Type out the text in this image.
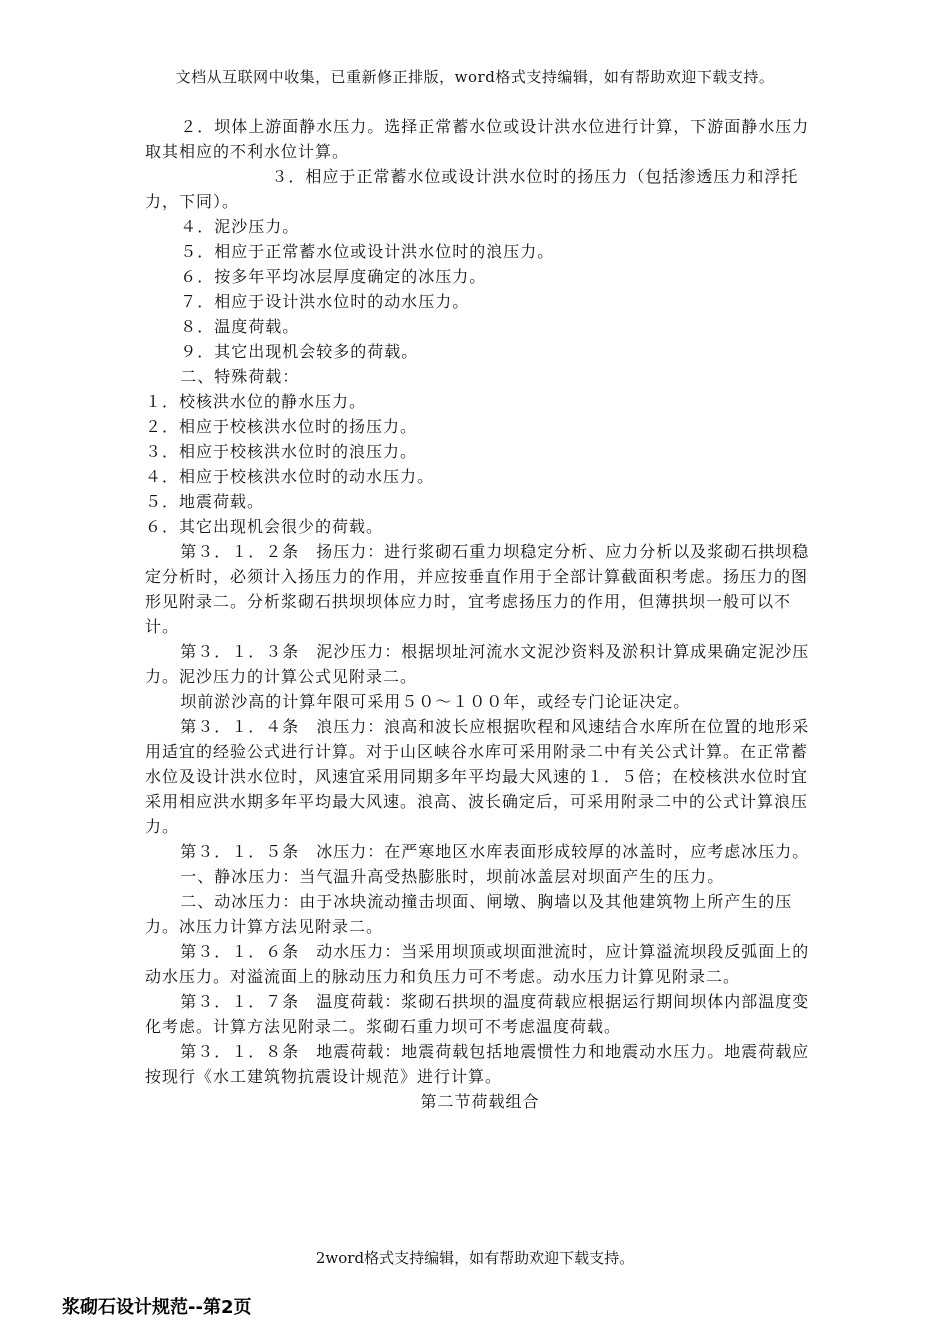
文档从互联网中收集，已重新修正排版，word格式支持编辑，如有帮助欢迎下载支持。

２．坝体上游面静水压力。选择正常蓄水位或设计洪水位进行计算，下游面静水压力取其相应的不利水位计算。

３．相应于正常蓄水位或设计洪水位时的扬压力（包括渗透压力和浮托力，下同）。

４．泥沙压力。

５．相应于正常蓄水位或设计洪水位时的浪压力。

６．按多年平均冰层厚度确定的冰压力。

７．相应于设计洪水位时的动水压力。

８．温度荷载。

９．其它出现机会较多的荷载。

二、特殊荷载：

１．校核洪水位的静水压力。

２．相应于校核洪水位时的扬压力。

３．相应于校核洪水位时的浪压力。

４．相应于校核洪水位时的动水压力。

５．地震荷载。

６．其它出现机会很少的荷载。

第３．１．２条　扬压力：进行浆砌石重力坝稳定分析、应力分析以及浆砌石拱坝稳定分析时，必须计入扬压力的作用，并应按垂直作用于全部计算截面积考虑。扬压力的图形见附录二。分析浆砌石拱坝坝体应力时，宜考虑扬压力的作用，但薄拱坝一般可以不计。

第３．１．３条　泥沙压力：根据坝址河流水文泥沙资料及淤积计算成果确定泥沙压力。泥沙压力的计算公式见附录二。

坝前淤沙高的计算年限可采用５０～１００年，或经专门论证决定。

第３．１．４条　浪压力：浪高和波长应根据吹程和风速结合水库所在位置的地形采用适宜的经验公式进行计算。对于山区峡谷水库可采用附录二中有关公式计算。在正常蓄水位及设计洪水位时，风速宜采用同期多年平均最大风速的１．５倍；在校核洪水位时宜采用相应洪水期多年平均最大风速。浪高、波长确定后，可采用附录二中的公式计算浪压力。

第３．１．５条　冰压力：在严寒地区水库表面形成较厚的冰盖时，应考虑冰压力。

一、静冰压力：当气温升高受热膨胀时，坝前冰盖层对坝面产生的压力。

二、动冰压力：由于冰块流动撞击坝面、闸墩、胸墙以及其他建筑物上所产生的压力。冰压力计算方法见附录二。

第３．１．６条　动水压力：当采用坝顶或坝面泄流时，应计算溢流坝段反弧面上的动水压力。对溢流面上的脉动压力和负压力可不考虑。动水压力计算见附录二。

第３．１．７条　温度荷载：浆砌石拱坝的温度荷载应根据运行期间坝体内部温度变化考虑。计算方法见附录二。浆砌石重力坝可不考虑温度荷载。

第３．１．８条　地震荷载：地震荷载包括地震惯性力和地震动水压力。地震荷载应按现行《水工建筑物抗震设计规范》进行计算。

第二节荷载组合

2word格式支持编辑，如有帮助欢迎下载支持。
浆砌石设计规范--第2页
